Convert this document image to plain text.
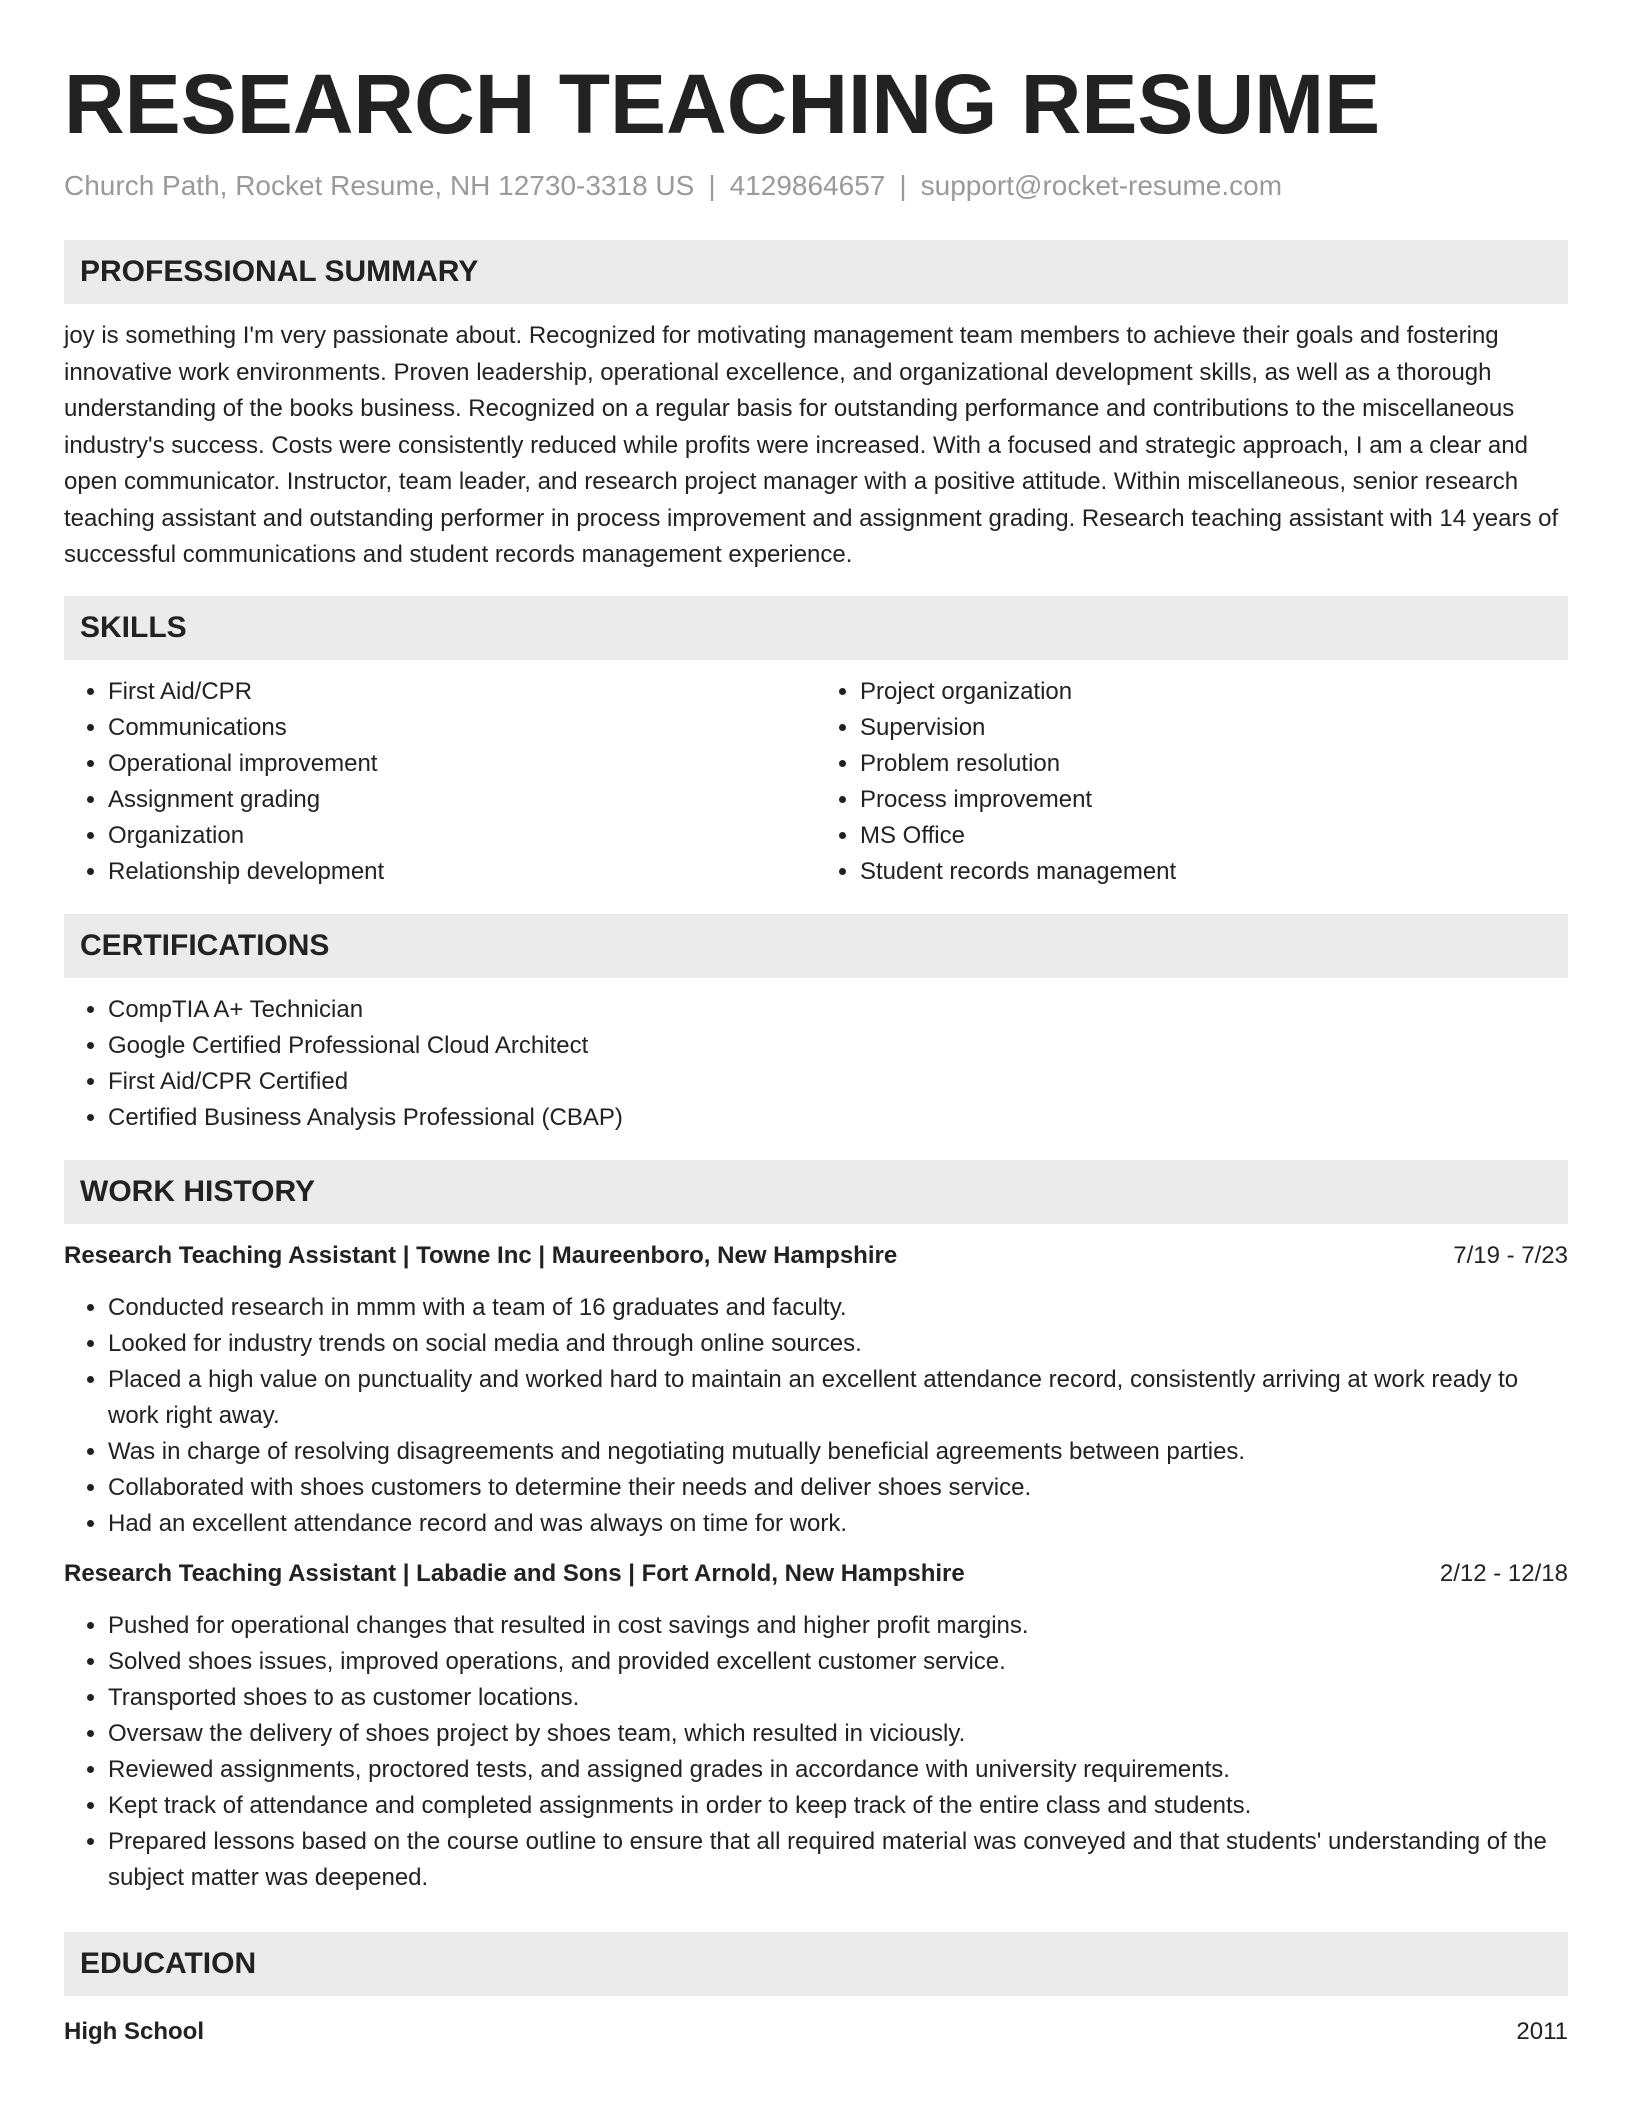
RESEARCH TEACHING RESUME
Church Path, Rocket Resume, NH 12730-3318 US | 4129864657 | support@rocket-resume.com
PROFESSIONAL SUMMARY

joy is something I'm very passionate about. Recognized for motivating management team members to achieve their goals and fostering innovative work environments. Proven leadership, operational excellence, and organizational development skills, as well as a thorough understanding of the books business. Recognized on a regular basis for outstanding performance and contributions to the miscellaneous industry's success. Costs were consistently reduced while profits were increased. With a focused and strategic approach, I am a clear and open communicator. Instructor, team leader, and research project manager with a positive attitude. Within miscellaneous, senior research teaching assistant and outstanding performer in process improvement and assignment grading. Research teaching assistant with 14 years of successful communications and student records management experience.

SKILLS
• First Aid/CPR
• Communications
• Operational improvement
• Assignment grading
• Organization
• Relationship development
• Project organization
• Supervision
• Problem resolution
• Process improvement
• MS Office
• Student records management
CERTIFICATIONS
• CompTIA A+ Technician
• Google Certified Professional Cloud Architect
• First Aid/CPR Certified
• Certified Business Analysis Professional (CBAP)
WORK HISTORY
Research Teaching Assistant | Towne Inc | Maureenboro, New Hampshire	7/19 - 7/23
• Conducted research in mmm with a team of 16 graduates and faculty.
• Looked for industry trends on social media and through online sources.
• Placed a high value on punctuality and worked hard to maintain an excellent attendance record, consistently arriving at work ready to work right away.
• Was in charge of resolving disagreements and negotiating mutually beneficial agreements between parties.
• Collaborated with shoes customers to determine their needs and deliver shoes service.
• Had an excellent attendance record and was always on time for work.
Research Teaching Assistant | Labadie and Sons | Fort Arnold, New Hampshire	2/12 - 12/18
• Pushed for operational changes that resulted in cost savings and higher profit margins.
• Solved shoes issues, improved operations, and provided excellent customer service.
• Transported shoes to as customer locations.
• Oversaw the delivery of shoes project by shoes team, which resulted in viciously.
• Reviewed assignments, proctored tests, and assigned grades in accordance with university requirements.
• Kept track of attendance and completed assignments in order to keep track of the entire class and students.
• Prepared lessons based on the course outline to ensure that all required material was conveyed and that students' understanding of the subject matter was deepened.
EDUCATION
High School	2011
